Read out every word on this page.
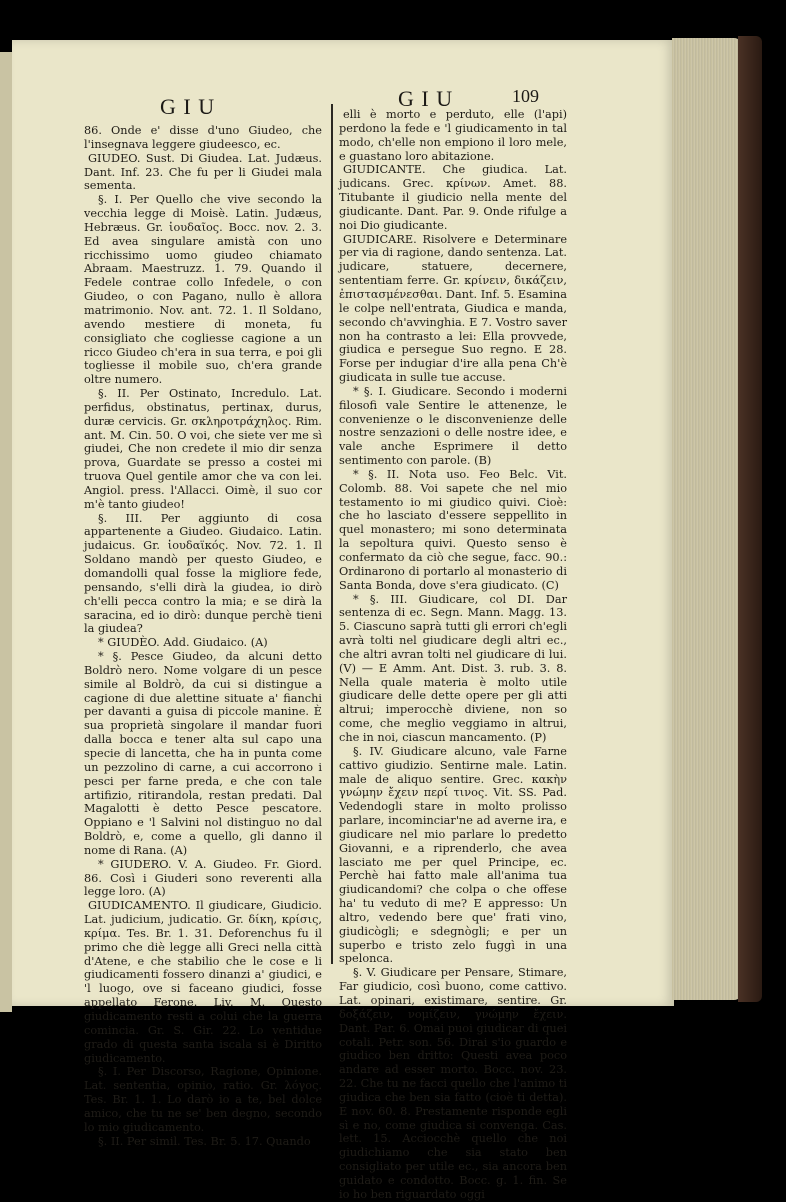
G I U	G I U	109

86. Onde e' disse d'uno Giudeo, che l'insegnava leggere giudeesco, ec.

GIUDEO. Sust. Di Giudea. Lat. Judæus. Dant. Inf. 23. Che fu per li Giudei mala sementa.

§. I. Per Quello che vive secondo la vecchia legge di Moisè. Latin. Judæus, Hebræus. Gr. ἰουδαῖος. Bocc. nov. 2. 3. Ed avea singulare amistà con uno ricchissimo uomo giudeo chiamato Abraam. Maestruzz. 1. 79. Quando il Fedele contrae collo Infedele, o con Giudeo, o con Pagano, nullo è allora matrimonio. Nov. ant. 72. 1. Il Soldano, avendo mestiere di moneta, fu consigliato che cogliesse cagione a un ricco Giudeo ch'era in sua terra, e poi gli togliesse il mobile suo, ch'era grande oltre numero.

§. II. Per Ostinato, Incredulo. Lat. perfidus, obstinatus, pertinax, durus, duræ cervicis. Gr. σκληροτράχηλος. Rim. ant. M. Cin. 50. O voi, che siete ver me sì giudei, Che non credete il mio dir senza prova, Guardate se presso a costei mi truova Quel gentile amor che va con lei. Angiol. press. l'Allacci. Oimè, il suo cor m'è tanto giudeo!

§. III. Per aggiunto di cosa appartenente a Giudeo. Giudaico. Latin. judaicus. Gr. ἰουδαϊκός. Nov. 72. 1. Il Soldano mandò per questo Giudeo, e domandolli qual fosse la migliore fede, pensando, s'elli dirà la giudea, io dirò ch'elli pecca contro la mia; e se dirà la saracina, ed io dirò: dunque perchè tieni la giudea?

* GIUDÈO. Add. Giudaico. (A)

* §. Pesce Giudeo, da alcuni detto Boldrò nero. Nome volgare di un pesce simile al Boldrò, da cui si distingue a cagione di due alettine situate a' fianchi per davanti a guisa di piccole manine. È sua proprietà singolare il mandar fuori dalla bocca e tener alta sul capo una specie di lancetta, che ha in punta come un pezzolino di carne, a cui accorrono i pesci per farne preda, e che con tale artifizio, ritirandola, restan predati. Dal Magalotti è detto Pesce pescatore. Oppiano e 'l Salvini nol distinguo no dal Boldrò, e, come a quello, gli danno il nome di Rana. (A)

* GIUDERO. V. A. Giudeo. Fr. Giord. 86. Così i Giuderi sono reverenti alla legge loro. (A)

GIUDICAMENTO. Il giudicare, Giudicio. Lat. judicium, judicatio. Gr. δίκη, κρίσις, κρίμα. Tes. Br. 1. 31. Deforenchus fu il primo che diè legge alli Greci nella città d'Atene, e che stabilio che le cose e li giudicamenti fossero dinanzi a' giudici, e 'l luogo, ove si faceano giudici, fosse appellato Ferone. Liv. M. Questo giudicamento resti a colui che la guerra comincia. Gr. S. Gir. 22. Lo ventidue grado di questa santa iscala si è Diritto giudicamento.

§. I. Per Discorso, Ragione, Opinione. Lat. sententia, opinio, ratio. Gr. λόγος. Tes. Br. 1. 1. Lo darò io a te, bel dolce amico, che tu ne se' ben degno, secondo lo mio giudicamento.

§. II. Per simil. Tes. Br. 5. 17. Quando

elli è morto e perduto, elle (l'api) perdono la fede e 'l giudicamento in tal modo, ch'elle non empiono il loro mele, e guastano loro abitazione.

GIUDICANTE. Che giudica. Lat. judicans. Grec. κρίνων. Amet. 88. Titubante il giudicio nella mente del giudicante. Dant. Par. 9. Onde rifulge a noi Dio giudicante.

GIUDICARE. Risolvere e Determinare per via di ragione, dando sentenza. Lat. judicare, statuere, decernere, sententiam ferre. Gr. κρίνειν, δικάζειν, ἐπιστασμένεσθαι. Dant. Inf. 5. Esamina le colpe nell'entrata, Giudica e manda, secondo ch'avvinghia. E 7. Vostro saver non ha contrasto a lei: Ella provvede, giudica e persegue Suo regno. E 28. Forse per indugiar d'ire alla pena Ch'è giudicata in sulle tue accuse.

* §. I. Giudicare. Secondo i moderni filosofi vale Sentire le attenenze, le convenienze o le disconvenienze delle nostre senzazioni o delle nostre idee, e vale anche Esprimere il detto sentimento con parole. (B)

* §. II. Nota uso. Feo Belc. Vit. Colomb. 88. Voi sapete che nel mio testamento io mi giudico quivi. Cioè: che ho lasciato d'essere seppellito in quel monastero; mi sono determinata la sepoltura quivi. Questo senso è confermato da ciò che segue, facc. 90.: Ordinarono di portarlo al monasterio di Santa Bonda, dove s'era giudicato. (C)

* §. III. Giudicare, col DI. Dar sentenza di ec. Segn. Mann. Magg. 13. 5. Ciascuno saprà tutti gli errori ch'egli avrà tolti nel giudicare degli altri ec., che altri avran tolti nel giudicare di lui. (V) — E Amm. Ant. Dist. 3. rub. 3. 8. Nella quale materia è molto utile giudicare delle dette opere per gli atti altrui; imperocchè diviene, non so come, che meglio veggiamo in altrui, che in noi, ciascun mancamento. (P)

§. IV. Giudicare alcuno, vale Farne cattivo giudizio. Sentirne male. Latin. male de aliquo sentire. Grec. κακὴν γνώμην ἔχειν περί τινος. Vit. SS. Pad. Vedendogli stare in molto prolisso parlare, incominciar'ne ad averne ira, e giudicare nel mio parlare lo predetto Giovanni, e a riprenderlo, che avea lasciato me per quel Principe, ec. Perchè hai fatto male all'anima tua giudicandomi? che colpa o che offese ha' tu veduto di me? E appresso: Un altro, vedendo bere que' frati vino, giudicògli; e sdegnògli; e per un superbo e tristo zelo fuggì in una spelonca.

§. V. Giudicare per Pensare, Stimare, Far giudicio, così buono, come cattivo. Lat. opinari, existimare, sentire. Gr. δοξάζειν, νομίζειν, γνώμην ἔχειν. Dant. Par. 6. Omai puoi giudicar di quei cotali. Petr. son. 56. Dirai s'io guardo e giudico ben dritto: Questi avea poco andare ad esser morto. Bocc. nov. 23. 22. Che tu ne facci quello che l'animo ti giudica che ben sia fatto (cioè ti detta). E nov. 60. 8. Prestamente risponde egli sì e no, come giudica si convenga. Cas. lett. 15. Acciocchè quello che noi giudichiamo che sia stato ben consigliato per utile ec., sia ancora ben guidato e condotto. Bocc. g. 1. fin. Se io ho ben riguardato oggi
